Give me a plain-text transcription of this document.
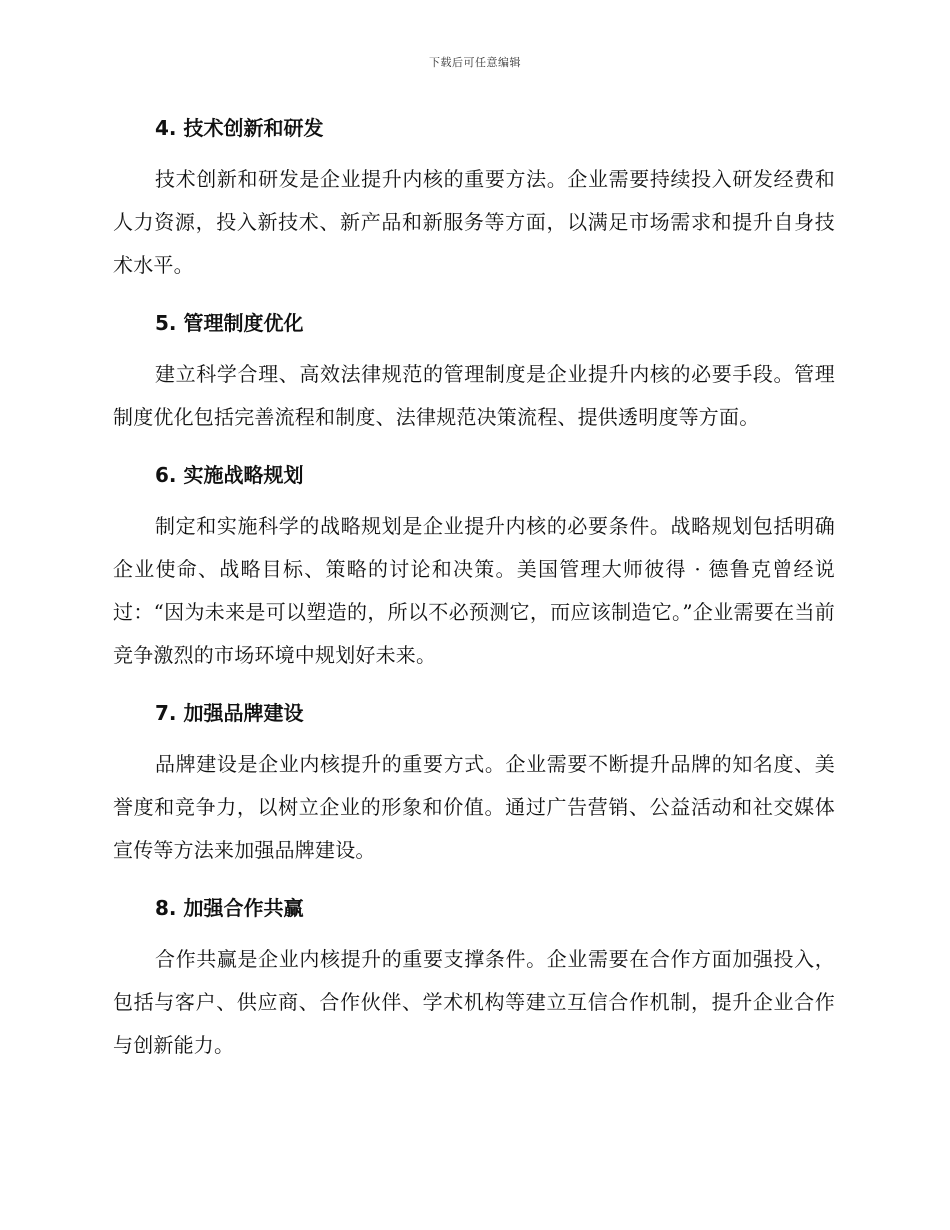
下载后可任意编辑
4. 技术创新和研发

技术创新和研发是企业提升内核的重要方法。企业需要持续投入研发经费和人力资源，投入新技术、新产品和新服务等方面，以满足市场需求和提升自身技术水平。

5. 管理制度优化

建立科学合理、高效法律规范的管理制度是企业提升内核的必要手段。管理制度优化包括完善流程和制度、法律规范决策流程、提供透明度等方面。

6. 实施战略规划

制定和实施科学的战略规划是企业提升内核的必要条件。战略规划包括明确企业使命、战略目标、策略的讨论和决策。美国管理大师彼得 · 德鲁克曾经说过：“因为未来是可以塑造的，所以不必预测它，而应该制造它。”企业需要在当前竞争激烈的市场环境中规划好未来。

7. 加强品牌建设

品牌建设是企业内核提升的重要方式。企业需要不断提升品牌的知名度、美誉度和竞争力，以树立企业的形象和价值。通过广告营销、公益活动和社交媒体宣传等方法来加强品牌建设。

8. 加强合作共赢

合作共赢是企业内核提升的重要支撑条件。企业需要在合作方面加强投入，包括与客户、供应商、合作伙伴、学术机构等建立互信合作机制，提升企业合作与创新能力。
